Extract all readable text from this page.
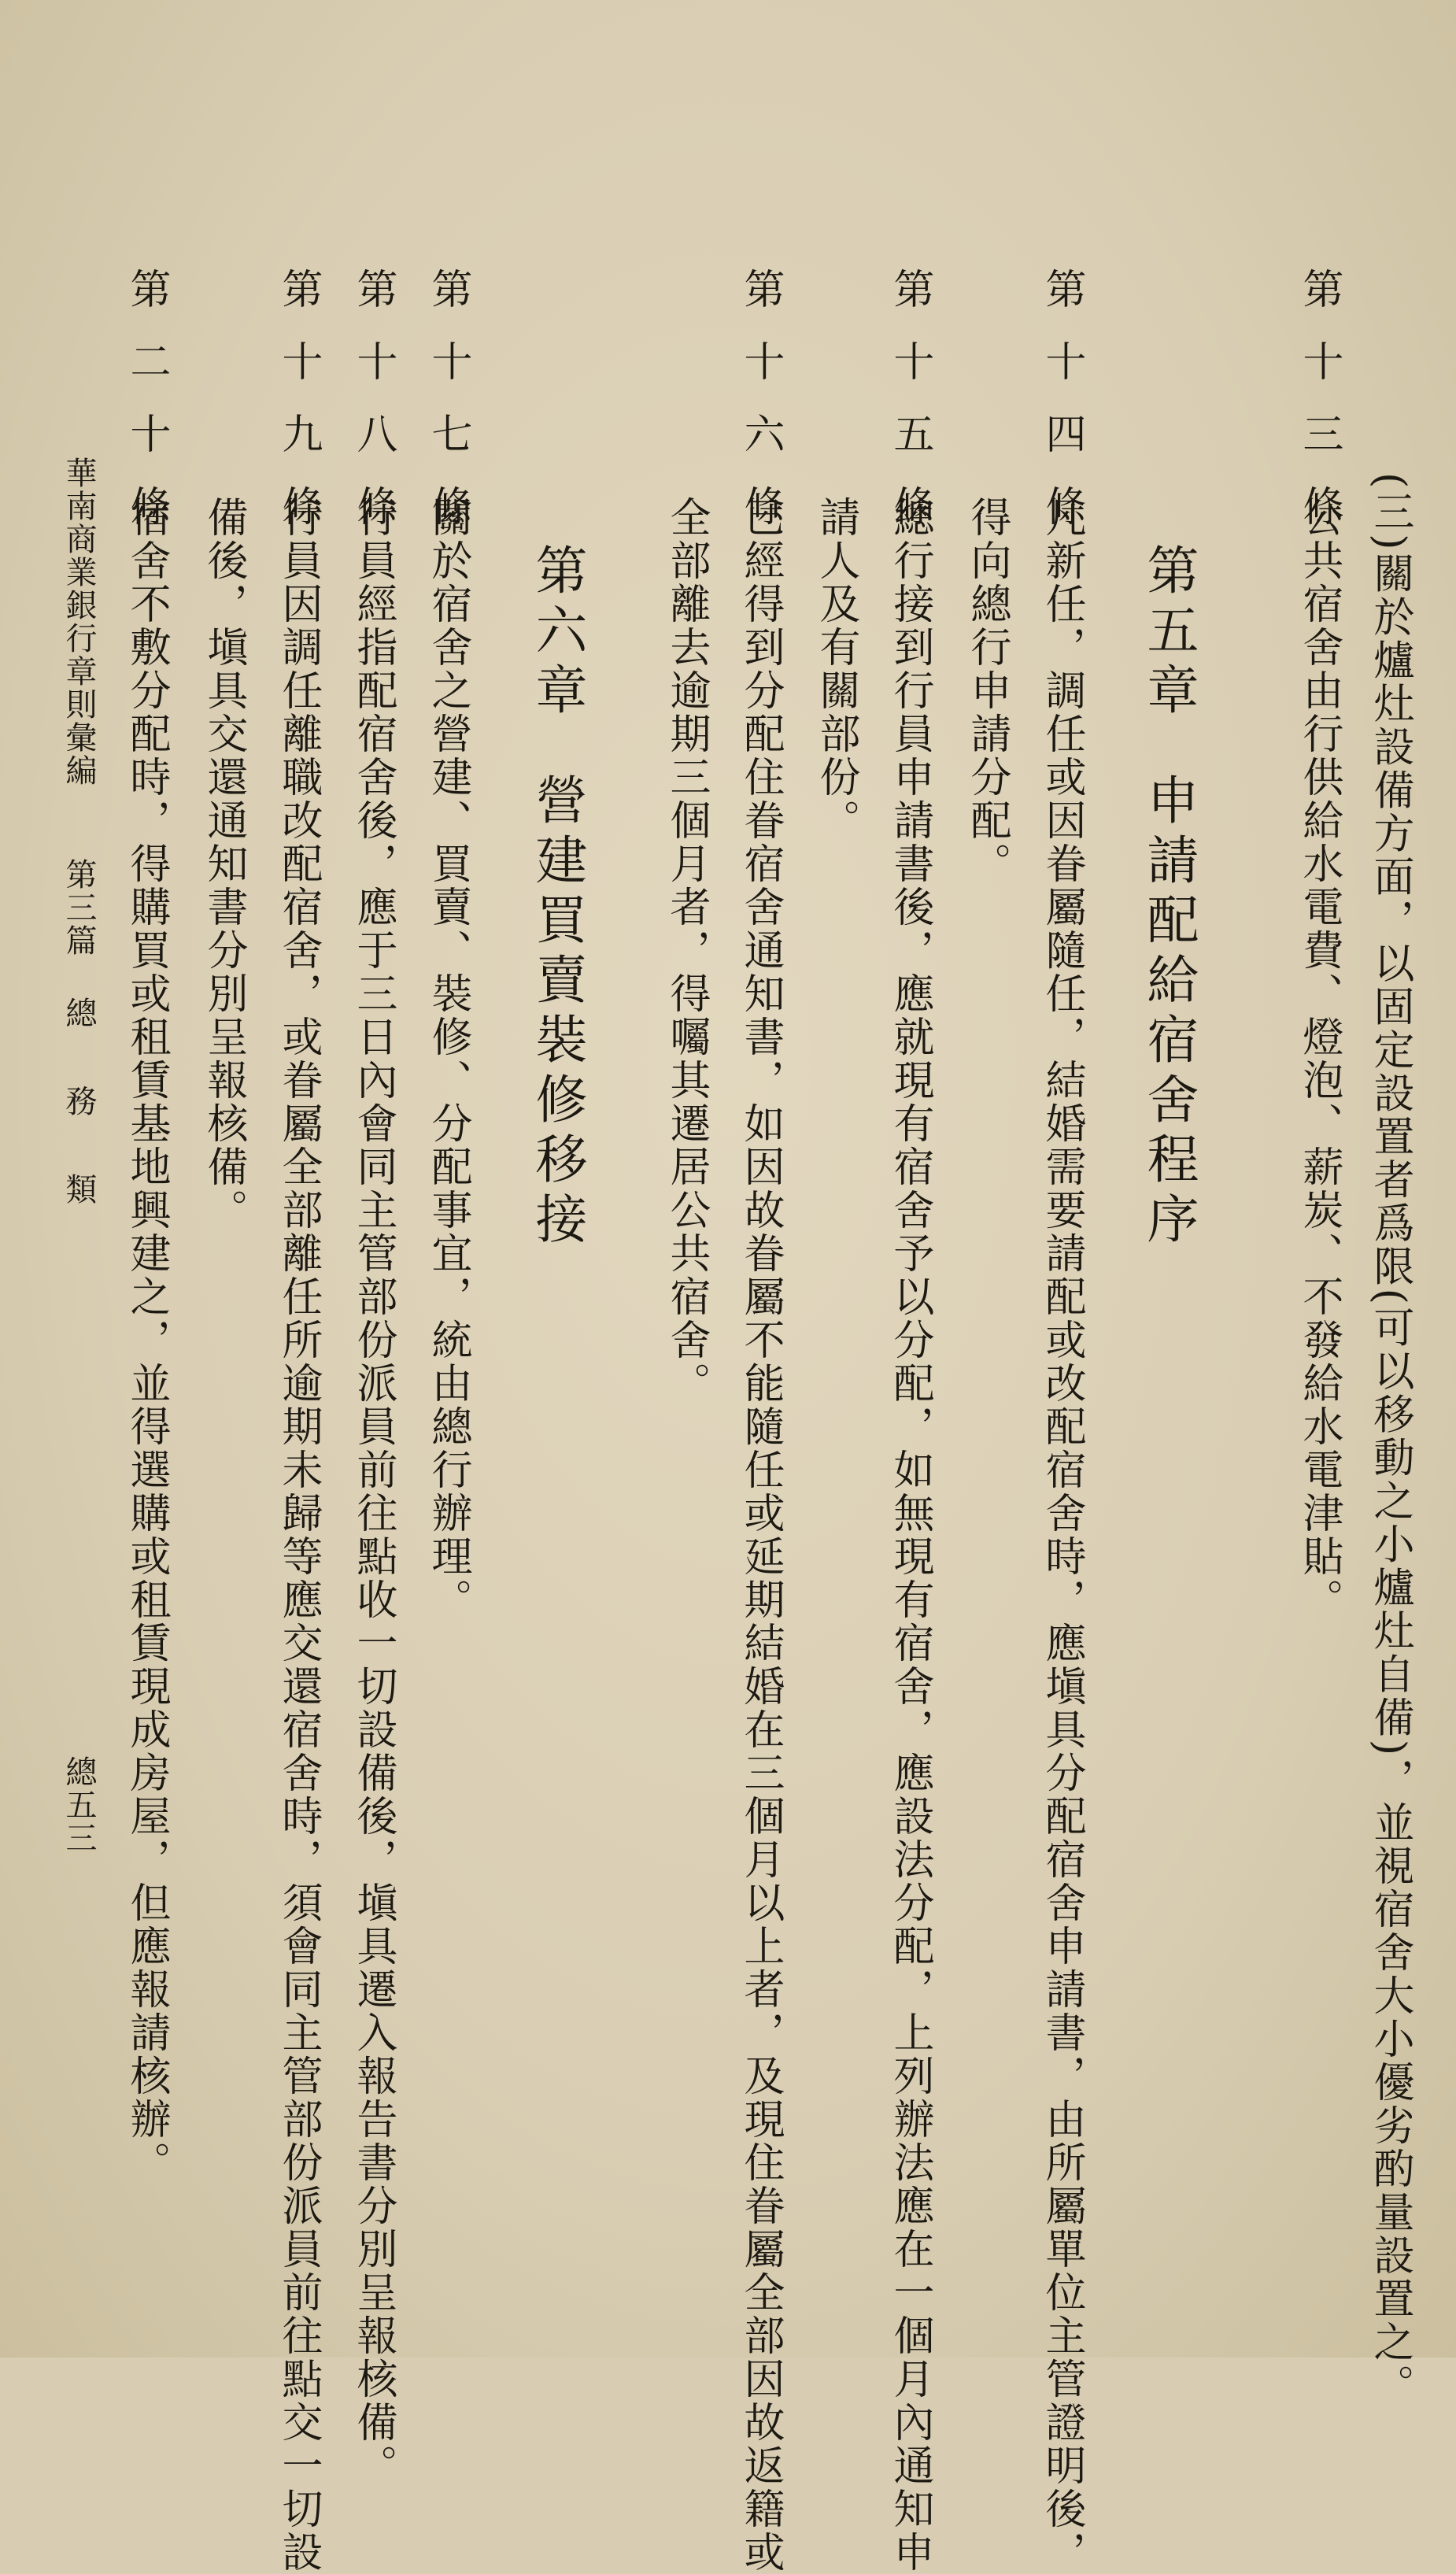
(三)關於爐灶設備方面，以固定設置者爲限(可以移動之小爐灶自備)，並視宿舍大小優劣酌量設置之。
第十三條
公共宿舍由行供給水電費、燈泡、薪炭、不發給水電津貼。
第五章申請配給宿舍程序
第十四條
凡新任，調任或因眷屬隨任，結婚需要請配或改配宿舍時，應塡具分配宿舍申請書，由所屬單位主管證明後，
得向總行申請分配。
第十五條
總行接到行員申請書後，應就現有宿舍予以分配，如無現有宿舍，應設法分配，上列辦法應在一個月內通知申
請人及有關部份。
第十六條
已經得到分配住眷宿舍通知書，如因故眷屬不能隨任或延期結婚在三個月以上者，及現住眷屬全部因故返籍或
全部離去逾期三個月者，得囑其遷居公共宿舍。
第六章營建買賣裝修移接
第十七條
關於宿舍之營建、買賣、裝修、分配事宜，統由總行辦理。
第十八條
行員經指配宿舍後，應于三日內會同主管部份派員前往點收一切設備後，塡具遷入報告書分別呈報核備。
第十九條
行員因調任離職改配宿舍，或眷屬全部離任所逾期未歸等應交還宿舍時，須會同主管部份派員前往點交一切設
備後，塡具交還通知書分別呈報核備。
第二十條
宿舍不敷分配時，得購買或租賃基地興建之，並得選購或租賃現成房屋，但應報請核辦。
華南商業銀行章則彙編第三篇總務類
總五三
